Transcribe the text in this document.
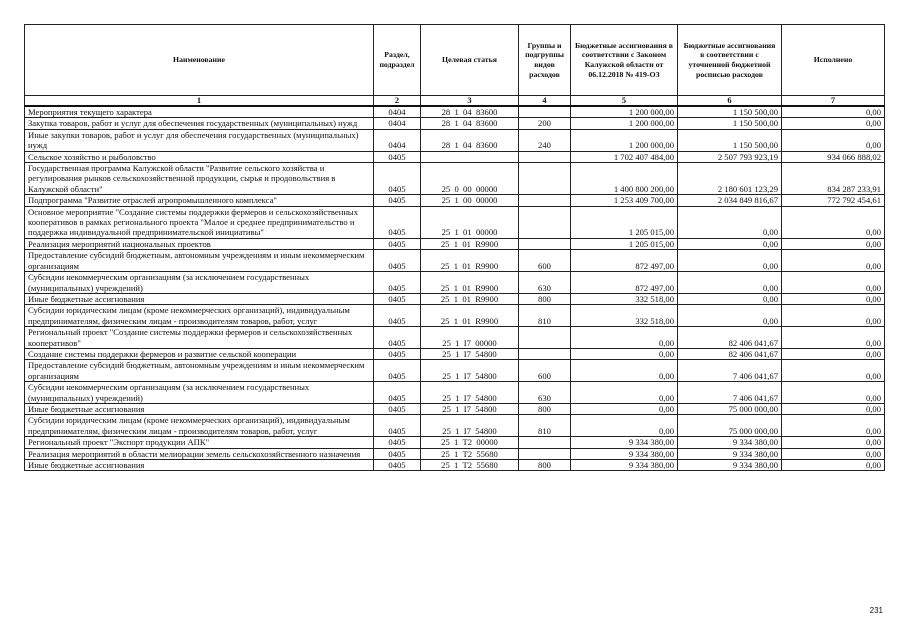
Наименование	Раздел, подраздел	Целевая статья	Группы и подгруппы видов расходов	Бюджетные ассигнования в соответствии с Законом Калужской области от 06.12.2018 № 419-ОЗ	Бюджетные ассигнования в соответствии с уточненной бюджетной росписью расходов	Исполнено
1	2	3	4	5	6	7
Мероприятия текущего характера	0404	28  1  04  83600		1 200 000,00	1 150 500,00	0,00
Закупка товаров, работ и услуг для обеспечения государственных (муниципальных) нужд	0404	28  1  04  83600	200	1 200 000,00	1 150 500,00	0,00
Иные закупки товаров, работ и услуг для обеспечения государственных (муниципальных) нужд	0404	28  1  04  83600	240	1 200 000,00	1 150 500,00	0,00
Сельское хозяйство и рыболовство	0405			1 702 407 484,00	2 507 793 923,19	934 066 888,02
Государственная программа Калужской области "Развитие сельского хозяйства и регулирования рынков сельскохозяйственной продукции, сырья и продовольствия в Калужской области"	0405	25  0  00  00000		1 400 800 200,00	2 180 601 123,29	834 287 233,91
Подпрограмма "Развитие отраслей агропромышленного комплекса"	0405	25  1  00  00000		1 253 409 700,00	2 034 849 816,67	772 792 454,61
Основное мероприятие "Создание системы поддержки фермеров и сельскохозяйственных кооперативов в рамках регионального проекта "Малое и среднее предпринимательство и поддержка индивидуальной предпринимательской инициативы"	0405	25  1  01  00000		1 205 015,00	0,00	0,00
Реализация мероприятий национальных проектов	0405	25  1  01  R9900		1 205 015,00	0,00	0,00
Предоставление субсидий бюджетным, автономным учреждениям и иным некоммерческим организациям	0405	25  1  01  R9900	600	872 497,00	0,00	0,00
Субсидии некоммерческим организациям (за исключением государственных (муниципальных) учреждений)	0405	25  1  01  R9900	630	872 497,00	0,00	0,00
Иные бюджетные ассигнования	0405	25  1  01  R9900	800	332 518,00	0,00	0,00
Субсидии юридическим лицам (кроме некоммерческих организаций), индивидуальным предпринимателям, физическим лицам - производителям товаров, работ, услуг	0405	25  1  01  R9900	810	332 518,00	0,00	0,00
Региональный проект "Создание системы поддержки фермеров и сельскохозяйственных кооперативов"	0405	25  1  I7  00000		0,00	82 406 041,67	0,00
Создание системы поддержки фермеров и развитие сельской кооперации	0405	25  1  I7  54800		0,00	82 406 041,67	0,00
Предоставление субсидий бюджетным, автономным учреждениям и иным некоммерческим организациям	0405	25  1  I7  54800	600	0,00	7 406 041,67	0,00
Субсидии некоммерческим организациям (за исключением государственных (муниципальных) учреждений)	0405	25  1  I7  54800	630	0,00	7 406 041,67	0,00
Иные бюджетные ассигнования	0405	25  1  I7  54800	800	0,00	75 000 000,00	0,00
Субсидии юридическим лицам (кроме некоммерческих организаций), индивидуальным предпринимателям, физическим лицам - производителям товаров, работ, услуг	0405	25  1  I7  54800	810	0,00	75 000 000,00	0,00
Региональный проект "Экспорт продукции АПК"	0405	25  1  T2  00000		9 334 380,00	9 334 380,00	0,00
Реализация мероприятий в области мелиорации земель сельскохозяйственного назначения	0405	25  1  T2  55680		9 334 380,00	9 334 380,00	0,00
Иные бюджетные ассигнования	0405	25  1  T2  55680	800	9 334 380,00	9 334 380,00	0,00
231
